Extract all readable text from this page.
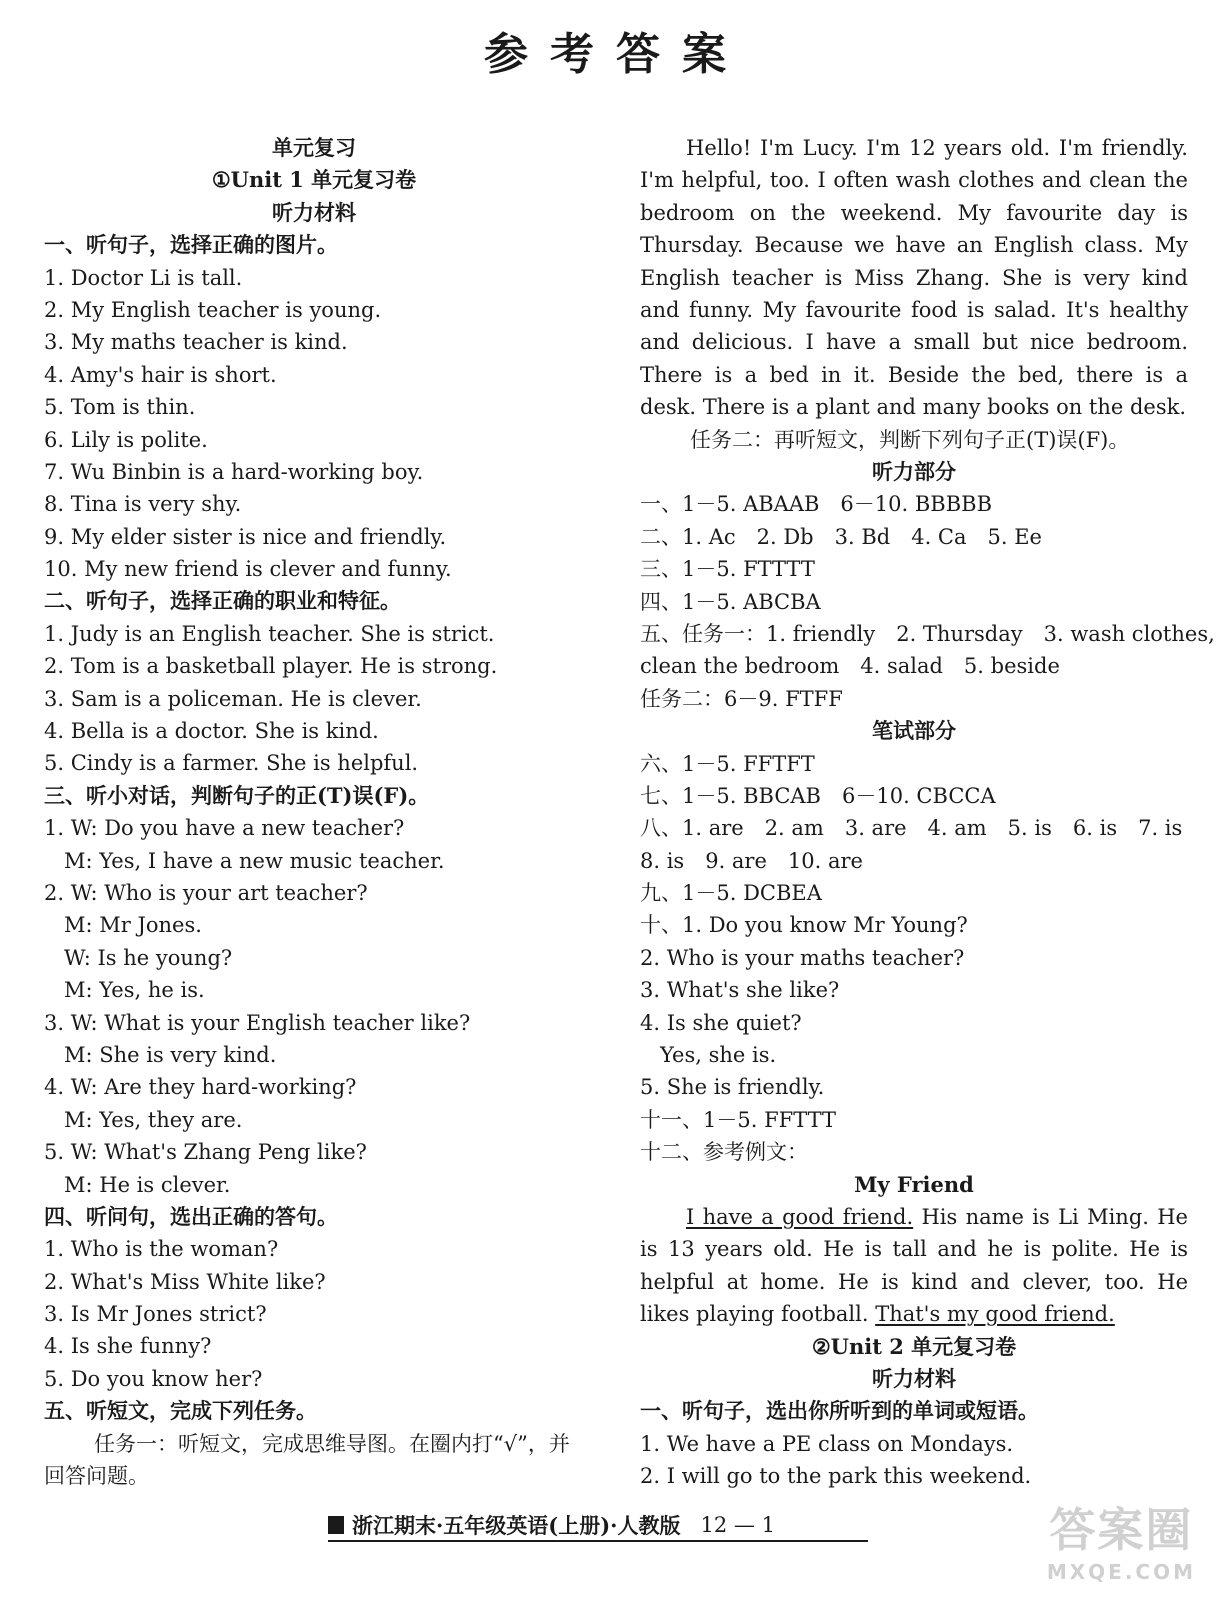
参考答案
单元复习
①Unit 1 单元复习卷
听力材料
一、听句子，选择正确的图片。
1. Doctor Li is tall.
2. My English teacher is young.
3. My maths teacher is kind.
4. Amy's hair is short.
5. Tom is thin.
6. Lily is polite.
7. Wu Binbin is a hard-working boy.
8. Tina is very shy.
9. My elder sister is nice and friendly.
10. My new friend is clever and funny.
二、听句子，选择正确的职业和特征。
1. Judy is an English teacher. She is strict.
2. Tom is a basketball player. He is strong.
3. Sam is a policeman. He is clever.
4. Bella is a doctor. She is kind.
5. Cindy is a farmer. She is helpful.
三、听小对话，判断句子的正(T)误(F)。
1. W: Do you have a new teacher?
M: Yes, I have a new music teacher.
2. W: Who is your art teacher?
M: Mr Jones.
W: Is he young?
M: Yes, he is.
3. W: What is your English teacher like?
M: She is very kind.
4. W: Are they hard-working?
M: Yes, they are.
5. W: What's Zhang Peng like?
M: He is clever.
四、听问句，选出正确的答句。
1. Who is the woman?
2. What's Miss White like?
3. Is Mr Jones strict?
4. Is she funny?
5. Do you know her?
五、听短文，完成下列任务。
任务一：听短文，完成思维导图。在圈内打“√”，并
回答问题。
Hello! I'm Lucy. I'm 12 years old. I'm friendly. I'm helpful, too. I often wash clothes and clean the bedroom on the weekend. My favourite day is Thursday. Because we have an English class. My English teacher is Miss Zhang. She is very kind and funny. My favourite food is salad. It's healthy and delicious. I have a small but nice bedroom. There is a bed in it. Beside the bed, there is a desk. There is a plant and many books on the desk.
任务二：再听短文，判断下列句子正(T)误(F)。
听力部分
一、1－5. ABAAB　6－10. BBBBB
二、1. Ac　2. Db　3. Bd　4. Ca　5. Ee
三、1－5. FTTTT
四、1－5. ABCBA
五、任务一：1. friendly　2. Thursday　3. wash clothes,
clean the bedroom　4. salad　5. beside
任务二：6－9. FTFF
笔试部分
六、1－5. FFTFT
七、1－5. BBCAB　6－10. CBCCA
八、1. are　2. am　3. are　4. am　5. is　6. is　7. is
8. is　9. are　10. are
九、1－5. DCBEA
十、1. Do you know Mr Young?
2. Who is your maths teacher?
3. What's she like?
4. Is she quiet?
Yes, she is.
5. She is friendly.
十一、1－5. FFTTT
十二、参考例文：
My Friend
I have a good friend. His name is Li Ming. He is 13 years old. He is tall and he is polite. He is helpful at home. He is kind and clever, too. He likes playing football. That's my good friend.
②Unit 2 单元复习卷
听力材料
一、听句子，选出你所听到的单词或短语。
1. We have a PE class on Mondays.
2. I will go to the park this weekend.
浙江期末·五年级英语(上册)·人教版 12 — 1	答案圈
MXQE.COM
